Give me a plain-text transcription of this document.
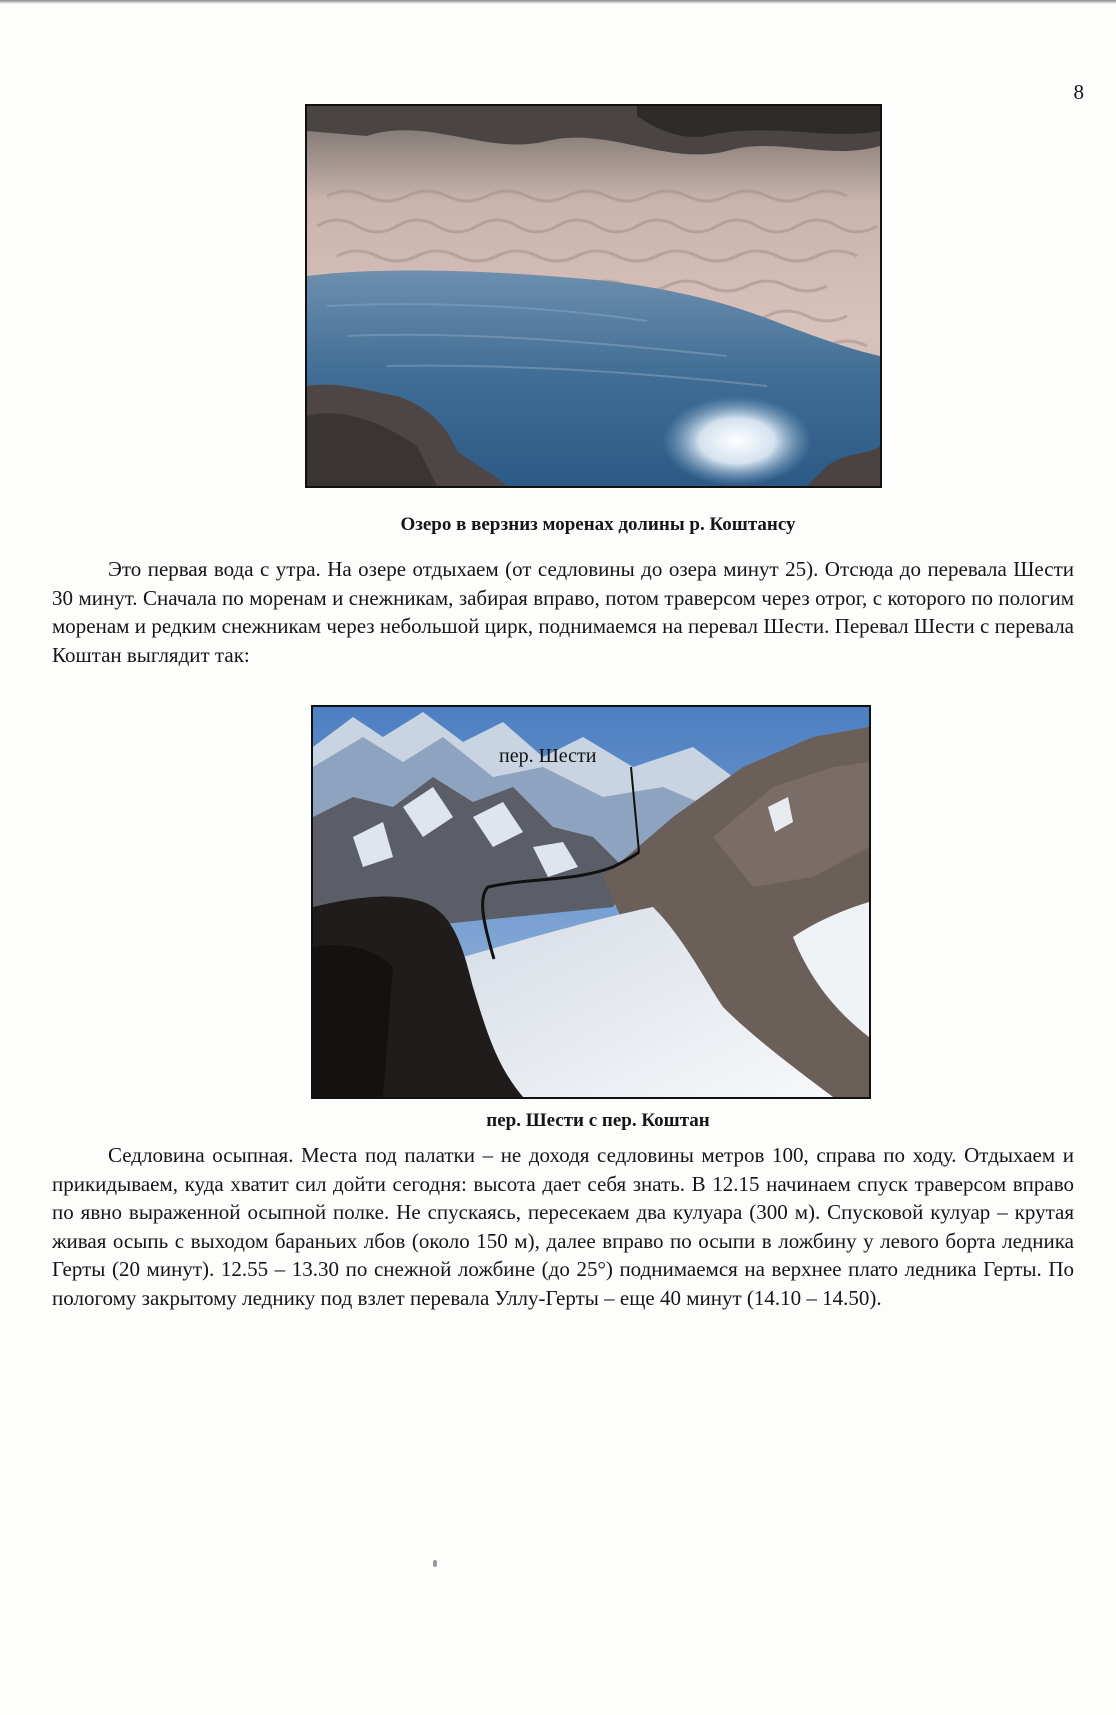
8
Озеро в верзниз моренах долины р. Коштансу

Это первая вода с утра. На озере отдыхаем (от седловины до озера минут 25). Отсюда до перевала Шести 30 минут. Сначала по моренам и снежникам, забирая вправо, потом траверсом через отрог, с которого по пологим моренам и редким снежникам через небольшой цирк, поднимаемся на перевал Шести. Перевал Шести с перевала Коштан выглядит так:

пер. Шести
пер. Шести с пер. Коштан

Седловина осыпная. Места под палатки – не доходя седловины метров 100, справа по ходу. Отдыхаем и прикидываем, куда хватит сил дойти сегодня: высота дает себя знать. В 12.15 начинаем спуск траверсом вправо по явно выраженной осыпной полке. Не спускаясь, пересекаем два кулуара (300 м). Спусковой кулуар – крутая живая осыпь с выходом бараньих лбов (около 150 м), далее вправо по осыпи в ложбину у левого борта ледника Герты (20 минут). 12.55 – 13.30 по снежной ложбине (до 25°) поднимаемся на верхнее плато ледника Герты. По пологому закрытому леднику под взлет перевала Уллу-Герты – еще 40 минут (14.10 – 14.50).
